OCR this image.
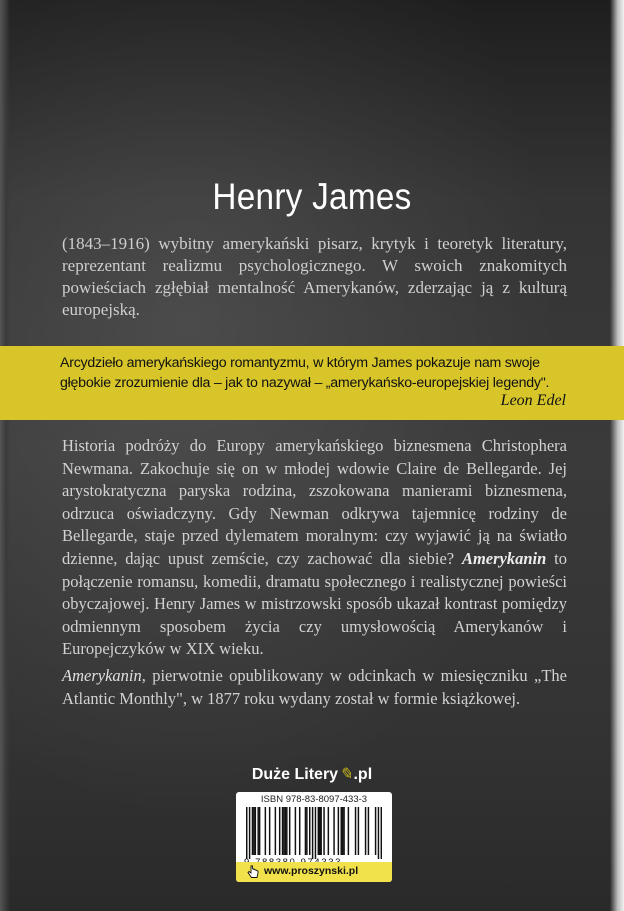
Henry James
(1843–1916) wybitny amerykański pisarz, krytyk i teoretyk literatury, reprezentant realizmu psychologicznego. W swoich znakomitych powieściach zgłębiał mentalność Amerykanów, zderzając ją z kulturą europejską.
Arcydzieło amerykańskiego romantyzmu, w którym James pokazuje nam swoje głębokie zrozumienie dla – jak to nazywał – „amerykańsko-europejskiej legendy".
Leon Edel

Historia podróży do Europy amerykańskiego biznesmena Christophera Newmana. Zakochuje się on w młodej wdowie Claire de Bellegarde. Jej arystokratyczna paryska rodzina, zszokowana manierami biznesmena, odrzuca oświadczyny. Gdy Newman odkrywa tajemnicę rodziny de Bellegarde, staje przed dylematem moralnym: czy wyjawić ją na światło dzienne, dając upust zemście, czy zachować dla siebie? Amerykanin to połączenie romansu, komedii, dramatu społecznego i realistycznej powieści obyczajowej. Henry James w mistrzowski sposób ukazał kontrast pomiędzy odmiennym sposobem życia czy umysłowością Amerykanów i Europejczyków w XIX wieku.

Amerykanin, pierwotnie opublikowany w odcinkach w miesięczniku „The Atlantic Monthly", w 1877 roku wydany został w formie książkowej.

Duże Litery✎.pl
ISBN 978-83-8097-433-3
www.proszynski.pl
